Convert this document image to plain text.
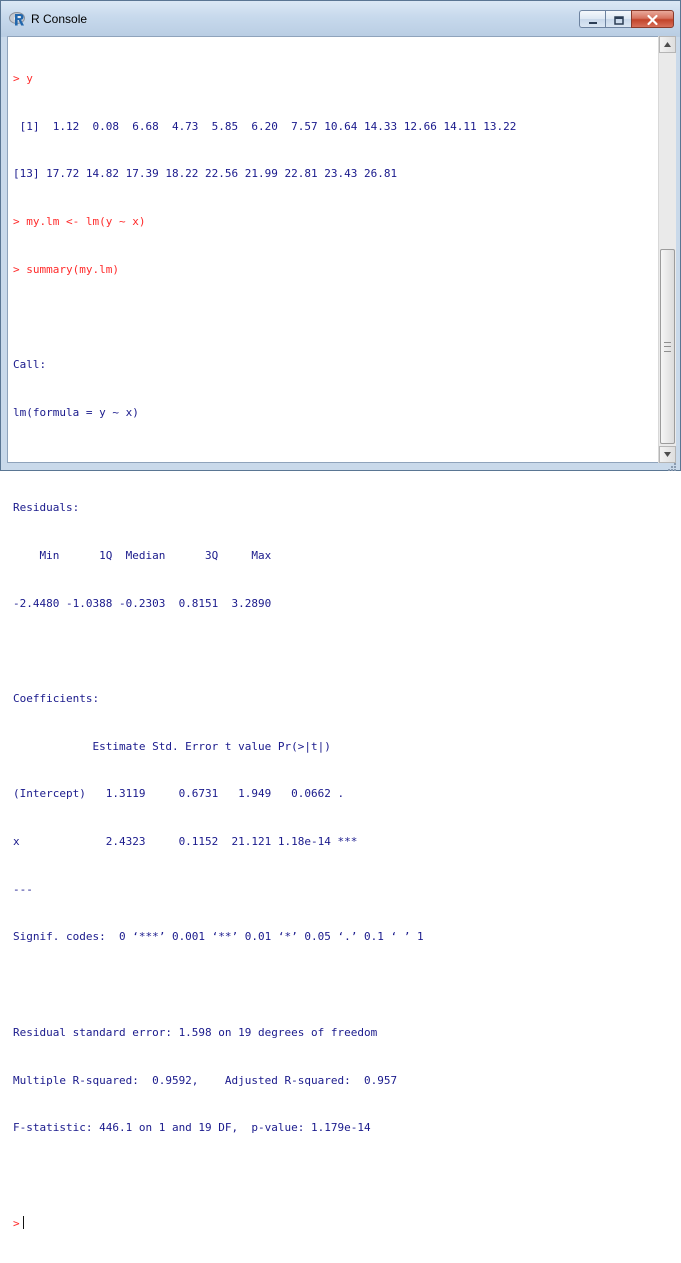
R Console

> y

[1]  1.12  0.08  6.68  4.73  5.85  6.20  7.57 10.64 14.33 12.66 14.11 13.22

[13] 17.72 14.82 17.39 18.22 22.56 21.99 22.81 23.43 26.81

> my.lm <- lm(y ~ x)

> summary(my.lm)

Call:

lm(formula = y ~ x)

Residuals:

Min      1Q  Median      3Q     Max

-2.4480 -1.0388 -0.2303  0.8151  3.2890

Coefficients:

Estimate Std. Error t value Pr(>|t|)

(Intercept)   1.3119     0.6731   1.949   0.0662 .

x             2.4323     0.1152  21.121 1.18e-14 ***

---

Signif. codes:  0 ‘***’ 0.001 ‘**’ 0.01 ‘*’ 0.05 ‘.’ 0.1 ‘ ’ 1

Residual standard error: 1.598 on 19 degrees of freedom

Multiple R-squared:  0.9592,    Adjusted R-squared:  0.957

F-statistic: 446.1 on 1 and 19 DF,  p-value: 1.179e-14

>
